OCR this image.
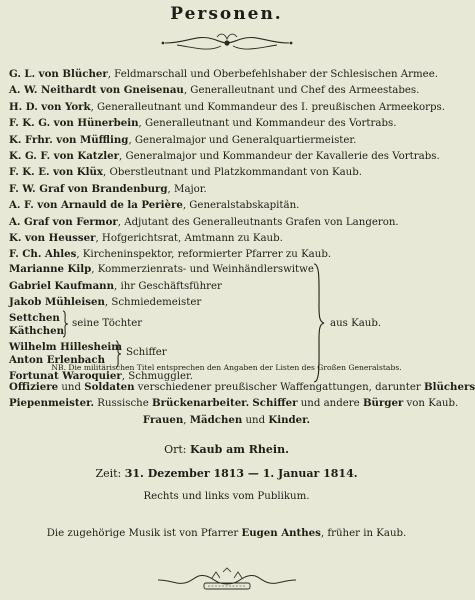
Personen.
G. L. von Blücher, Feldmarschall und Oberbefehlshaber der Schlesischen Armee.
A. W. Neithardt von Gneisenau, Generalleutnant und Chef des Armeestabes.
H. D. von York, Generalleutnant und Kommandeur des I. preußischen Armeekorps.
F. K. G. von Hünerbein, Generalleutnant und Kommandeur des Vortrabs.
K. Frhr. von Müffling, Generalmajor und Generalquartiermeister.
K. G. F. von Katzler, Generalmajor und Kommandeur der Kavallerie des Vortrabs.
F. K. E. von Klüx, Oberstleutnant und Platzkommandant von Kaub.
F. W. Graf von Brandenburg, Major.
A. F. von Arnauld de la Perière, Generalstabskapitän.
A. Graf von Fermor, Adjutant des Generalleutnants Grafen von Langeron.
K. von Heusser, Hofgerichtsrat, Amtmann zu Kaub.
F. Ch. Ahles, Kircheninspektor, reformierter Pfarrer zu Kaub.
Marianne Kilp, Kommerzienrats- und Weinhändlerswitwe
Gabriel Kaufmann, ihr Geschäftsführer
Jakob Mühleisen, Schmiedemeister
Settchen
Käthchen
Wilhelm Hillesheim
Anton Erlenbach
Fortunat Waroquier, Schmuggler.
seine Töchter
Schiffer
aus Kaub.
NB. Die militärischen Titel entsprechen den Angaben der Listen des Großen Generalstabs.
Offiziere und Soldaten verschiedener preußischer Waffengattungen, darunter Blüchers
Piepenmeister. Russische Brückenarbeiter. Schiffer und andere Bürger von Kaub.
Frauen, Mädchen und Kinder.
Ort: Kaub am Rhein.
Zeit: 31. Dezember 1813 — 1. Januar 1814.
Rechts und links vom Publikum.
Die zugehörige Musik ist von Pfarrer Eugen Anthes, früher in Kaub.
